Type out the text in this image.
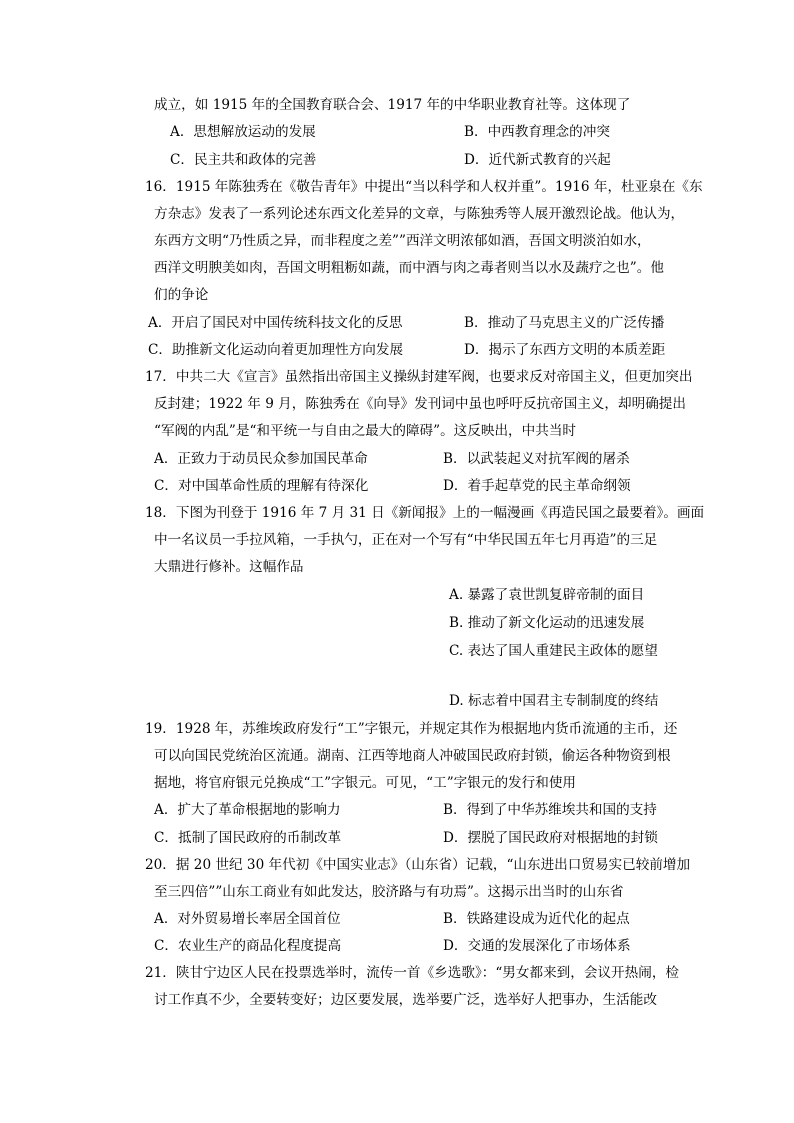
成立，如 1915 年的全国教育联合会、1917 年的中华职业教育社等。这体现了
A．思想解放运动的发展	B．中西教育理念的冲突
C．民主共和政体的完善	D．近代新式教育的兴起
16．1915 年陈独秀在《敬告青年》中提出“当以科学和人权并重”。1916 年，杜亚泉在《东
方杂志》发表了一系列论述东西文化差异的文章，与陈独秀等人展开激烈论战。他认为，
东西方文明“乃性质之异，而非程度之差””西洋文明浓郁如酒，吾国文明淡泊如水，
西洋文明腴美如肉，吾国文明粗粝如蔬，而中酒与肉之毒者则当以水及蔬疗之也”。他
们的争论
A．开启了国民对中国传统科技文化的反思	B．推动了马克思主义的广泛传播
C．助推新文化运动向着更加理性方向发展	D．揭示了东西方文明的本质差距
17．中共二大《宣言》虽然指出帝国主义操纵封建军阀，也要求反对帝国主义，但更加突出
反封建；1922 年 9 月，陈独秀在《向导》发刊词中虽也呼吁反抗帝国主义，却明确提出
“军阀的内乱”是“和平统一与自由之最大的障碍”。这反映出，中共当时
A．正致力于动员民众参加国民革命	B．以武装起义对抗军阀的屠杀
C．对中国革命性质的理解有待深化	D．着手起草党的民主革命纲领
18．下图为刊登于 1916 年 7 月 31 日《新闻报》上的一幅漫画《再造民国之最要着》。画面
中一名议员一手拉风箱，一手执勺，正在对一个写有“中华民国五年七月再造”的三足
大鼎进行修补。这幅作品
A. 暴露了袁世凯复辟帝制的面目
B. 推动了新文化运动的迅速发展
C. 表达了国人重建民主政体的愿望
D. 标志着中国君主专制制度的终结
19．1928 年，苏维埃政府发行“工”字银元，并规定其作为根据地内货币流通的主币，还
可以向国民党统治区流通。湖南、江西等地商人冲破国民政府封锁，偷运各种物资到根
据地，将官府银元兑换成“工”字银元。可见，“工”字银元的发行和使用
A．扩大了革命根据地的影响力	B．得到了中华苏维埃共和国的支持
C．抵制了国民政府的币制改革	D．摆脱了国民政府对根据地的封锁
20．据 20 世纪 30 年代初《中国实业志》（山东省）记载，“山东进出口贸易实已较前增加
至三四倍””山东工商业有如此发达，胶济路与有功焉”。这揭示出当时的山东省
A．对外贸易增长率居全国首位	B．铁路建设成为近代化的起点
C．农业生产的商品化程度提高	D．交通的发展深化了市场体系
21．陕甘宁边区人民在投票选举时，流传一首《乡选歌》：“男女都来到，会议开热闹，检
讨工作真不少，全要转变好；边区要发展，选举要广泛，选举好人把事办，生活能改
